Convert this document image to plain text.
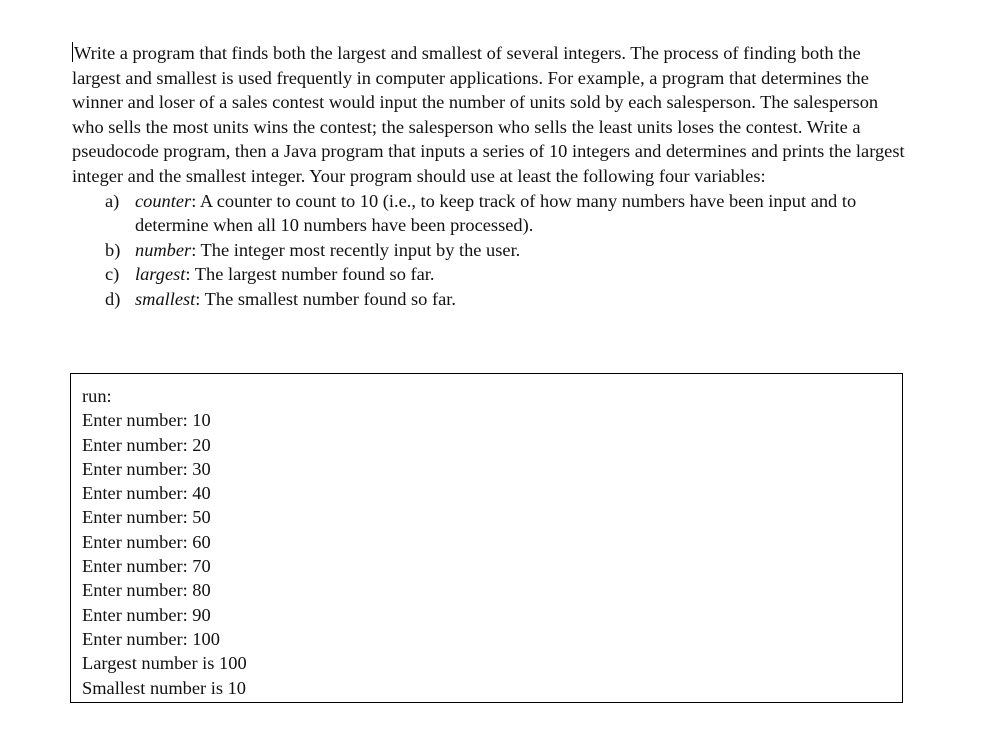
Write a program that finds both the largest and smallest of several integers. The process of finding both the largest and smallest is used frequently in computer applications. For example, a program that determines the winner and loser of a sales contest would input the number of units sold by each salesperson. The salesperson who sells the most units wins the contest; the salesperson who sells the least units loses the contest. Write a pseudocode program, then a Java program that inputs a series of 10 integers and determines and prints the largest integer and the smallest integer. Your program should use at least the following four variables:

a) counter: A counter to count to 10 (i.e., to keep track of how many numbers have been input and to determine when all 10 numbers have been processed).
b) number: The integer most recently input by the user.
c) largest: The largest number found so far.
d) smallest: The smallest number found so far.
run:
Enter number: 10
Enter number: 20
Enter number: 30
Enter number: 40
Enter number: 50
Enter number: 60
Enter number: 70
Enter number: 80
Enter number: 90
Enter number: 100
Largest number is 100
Smallest number is 10
